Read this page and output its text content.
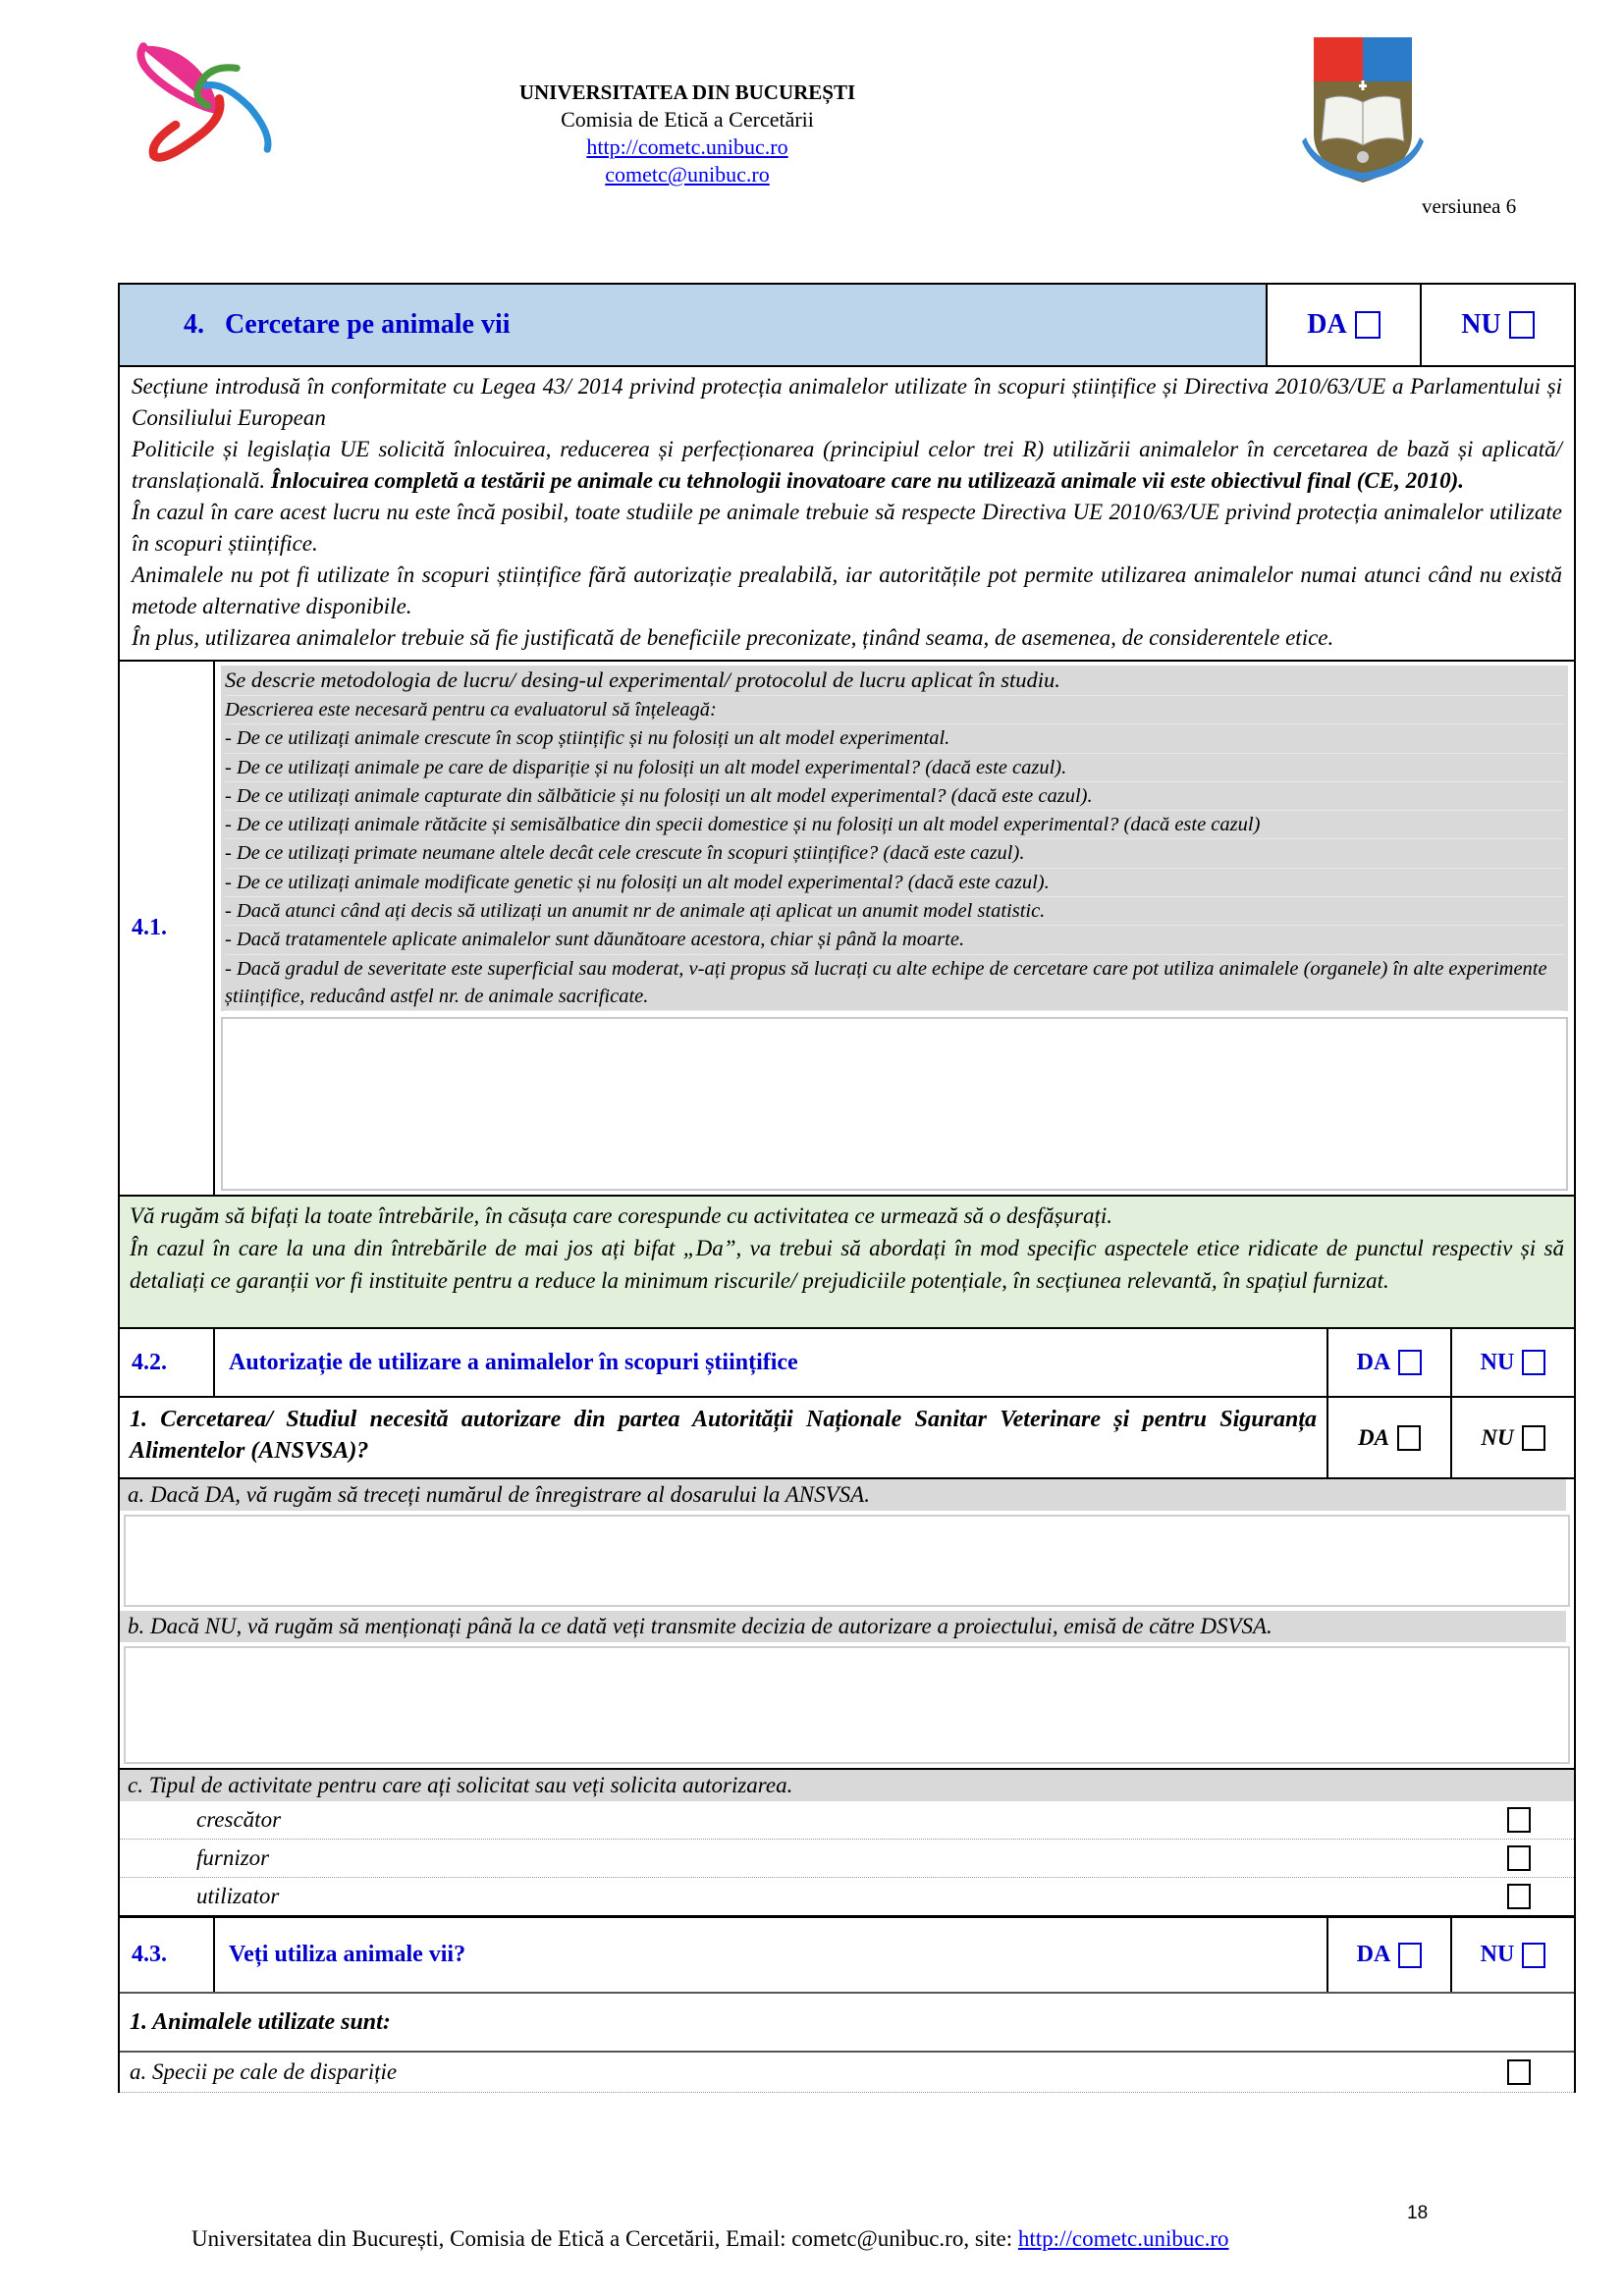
UNIVERSITATEA DIN BUCUREȘTI
Comisia de Etică a Cercetării
http://cometc.unibuc.ro
cometc@unibuc.ro
versiunea 6
4.
Cercetare pe animale vii	DA	NU

Secțiune introdusă în conformitate cu Legea 43/ 2014 privind protecția animalelor utilizate în scopuri științifice și Directiva 2010/63/UE a Parlamentului și Consiliului European

Politicile și legislația UE solicită înlocuirea, reducerea și perfecționarea (principiul celor trei R) utilizării animalelor în cercetarea de bază și aplicată/ translațională. Înlocuirea completă a testării pe animale cu tehnologii inovatoare care nu utilizează animale vii este obiectivul final (CE, 2010).

În cazul în care acest lucru nu este încă posibil, toate studiile pe animale trebuie să respecte Directiva UE 2010/63/UE privind protecția animalelor utilizate în scopuri științifice.

Animalele nu pot fi utilizate în scopuri științifice fără autorizație prealabilă, iar autoritățile pot permite utilizarea animalelor numai atunci când nu există metode alternative disponibile.

În plus, utilizarea animalelor trebuie să fie justificată de beneficiile preconizate, ținând seama, de asemenea, de considerentele etice.

4.1.
Se descrie metodologia de lucru/ desing-ul experimental/ protocolul de lucru aplicat în studiu.
Descrierea este necesară pentru ca evaluatorul să înțeleagă:
- De ce utilizați animale crescute în scop științific și nu folosiți un alt model experimental.
- De ce utilizați animale pe care de dispariție și nu folosiți un alt model experimental? (dacă este cazul).
- De ce utilizați animale capturate din sălbăticie și nu folosiți un alt model experimental? (dacă este cazul).
- De ce utilizați animale rătăcite și semisălbatice din specii domestice și nu folosiți un alt model experimental? (dacă este cazul)
- De ce utilizați primate neumane altele decât cele crescute în scopuri științifice? (dacă este cazul).
- De ce utilizați animale modificate genetic și nu folosiți un alt model experimental? (dacă este cazul).
- Dacă atunci când ați decis să utilizați un anumit nr de animale ați aplicat un anumit model statistic.
- Dacă tratamentele aplicate animalelor sunt dăunătoare acestora, chiar și până la moarte.
- Dacă gradul de severitate este superficial sau moderat, v-ați propus să lucrați cu alte echipe de cercetare care pot utiliza animalele (organele) în alte experimente științifice, reducând astfel nr. de animale sacrificate.

Vă rugăm să bifați la toate întrebările, în căsuța care corespunde cu activitatea ce urmează să o desfășurați.

În cazul în care la una din întrebările de mai jos ați bifat „Da”, va trebui să abordați în mod specific aspectele etice ridicate de punctul respectiv și să detaliați ce garanții vor fi instituite pentru a reduce la minimum riscurile/ prejudiciile potențiale, în secțiunea relevantă, în spațiul furnizat.

4.2.	Autorizație de utilizare a animalelor în scopuri științifice	DA	NU
1. Cercetarea/ Studiul necesită autorizare din partea Autorității Naționale Sanitar Veterinare și pentru Siguranța Alimentelor (ANSVSA)?
DA	NU
a. Dacă DA, vă rugăm să treceți numărul de înregistrare al dosarului la ANSVSA.
b. Dacă NU, vă rugăm să menționați până la ce dată veți transmite decizia de autorizare a proiectului, emisă de către DSVSA.
c. Tipul de activitate pentru care ați solicitat sau veți solicita autorizarea.
crescător
furnizor
utilizator
4.3.	Veți utiliza animale vii?	DA	NU
1. Animalele utilizate sunt:
a. Specii pe cale de dispariție
18
Universitatea din București, Comisia de Etică a Cercetării, Email: cometc@unibuc.ro, site: http://cometc.unibuc.ro
